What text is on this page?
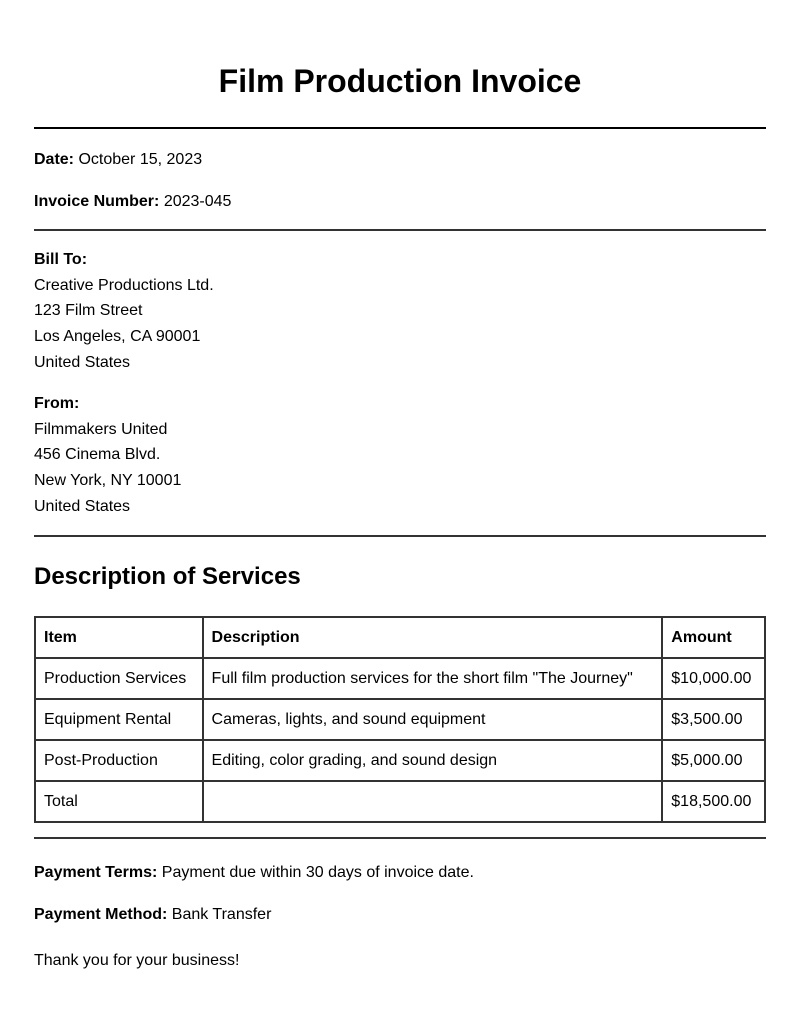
Film Production Invoice
Date: October 15, 2023
Invoice Number: 2023-045
Bill To:
Creative Productions Ltd.
123 Film Street
Los Angeles, CA 90001
United States
From:
Filmmakers United
456 Cinema Blvd.
New York, NY 10001
United States
Description of Services
Item	Description	Amount
Production Services	Full film production services for the short film "The Journey"	$10,000.00
Equipment Rental	Cameras, lights, and sound equipment	$3,500.00
Post-Production	Editing, color grading, and sound design	$5,000.00
Total		$18,500.00
Payment Terms: Payment due within 30 days of invoice date.
Payment Method: Bank Transfer
Thank you for your business!
